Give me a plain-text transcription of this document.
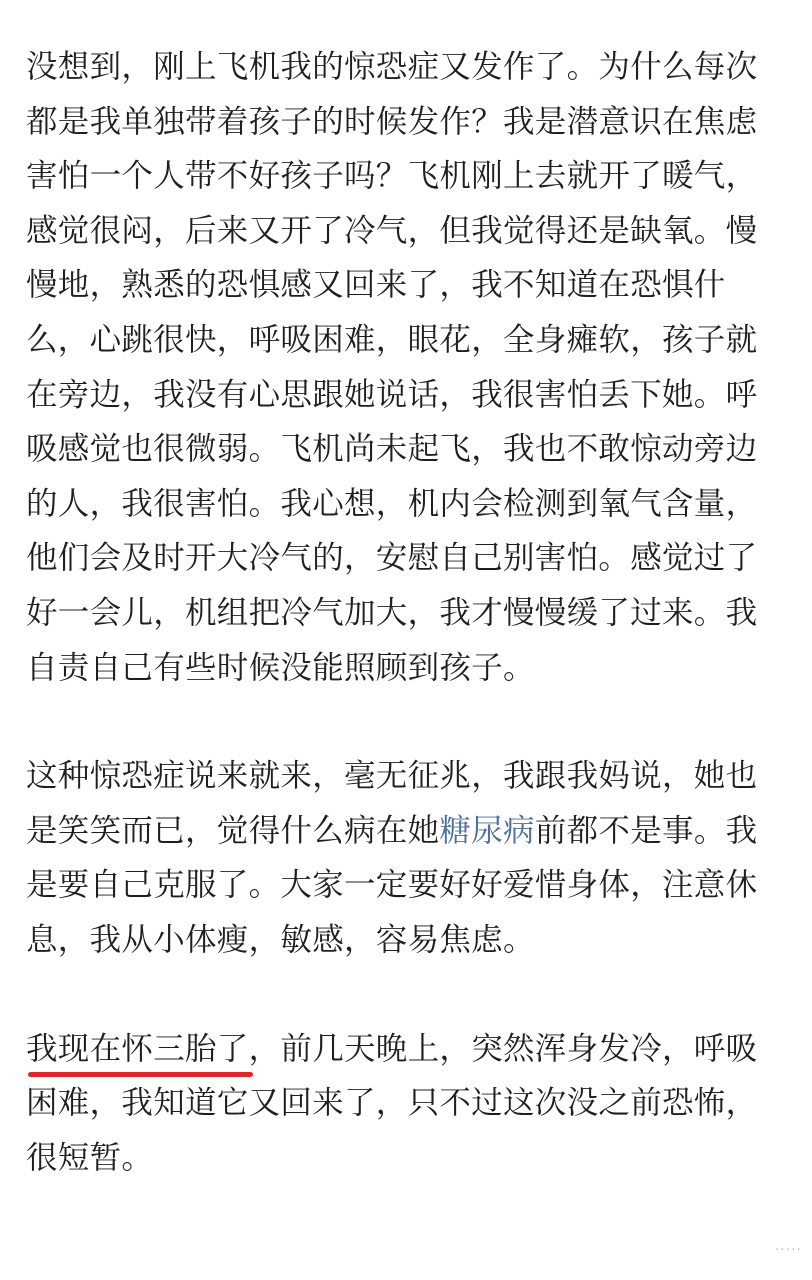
没想到，刚上飞机我的惊恐症又发作了。为什么每次都是我单独带着孩子的时候发作？我是潜意识在焦虑害怕一个人带不好孩子吗？飞机刚上去就开了暖气，感觉很闷，后来又开了冷气，但我觉得还是缺氧。慢慢地，熟悉的恐惧感又回来了，我不知道在恐惧什么，心跳很快，呼吸困难，眼花，全身瘫软，孩子就在旁边，我没有心思跟她说话，我很害怕丢下她。呼吸感觉也很微弱。飞机尚未起飞，我也不敢惊动旁边的人，我很害怕。我心想，机内会检测到氧气含量，他们会及时开大冷气的，安慰自己别害怕。感觉过了好一会儿，机组把冷气加大，我才慢慢缓了过来。我自责自己有些时候没能照顾到孩子。

这种惊恐症说来就来，毫无征兆，我跟我妈说，她也是笑笑而已，觉得什么病在她糖尿病前都不是事。我是要自己克服了。大家一定要好好爱惜身体，注意休息，我从小体瘦，敏感，容易焦虑。

我现在怀三胎了，前几天晚上，突然浑身发冷，呼吸困难，我知道它又回来了，只不过这次没之前恐怖，很短暂。

·····
